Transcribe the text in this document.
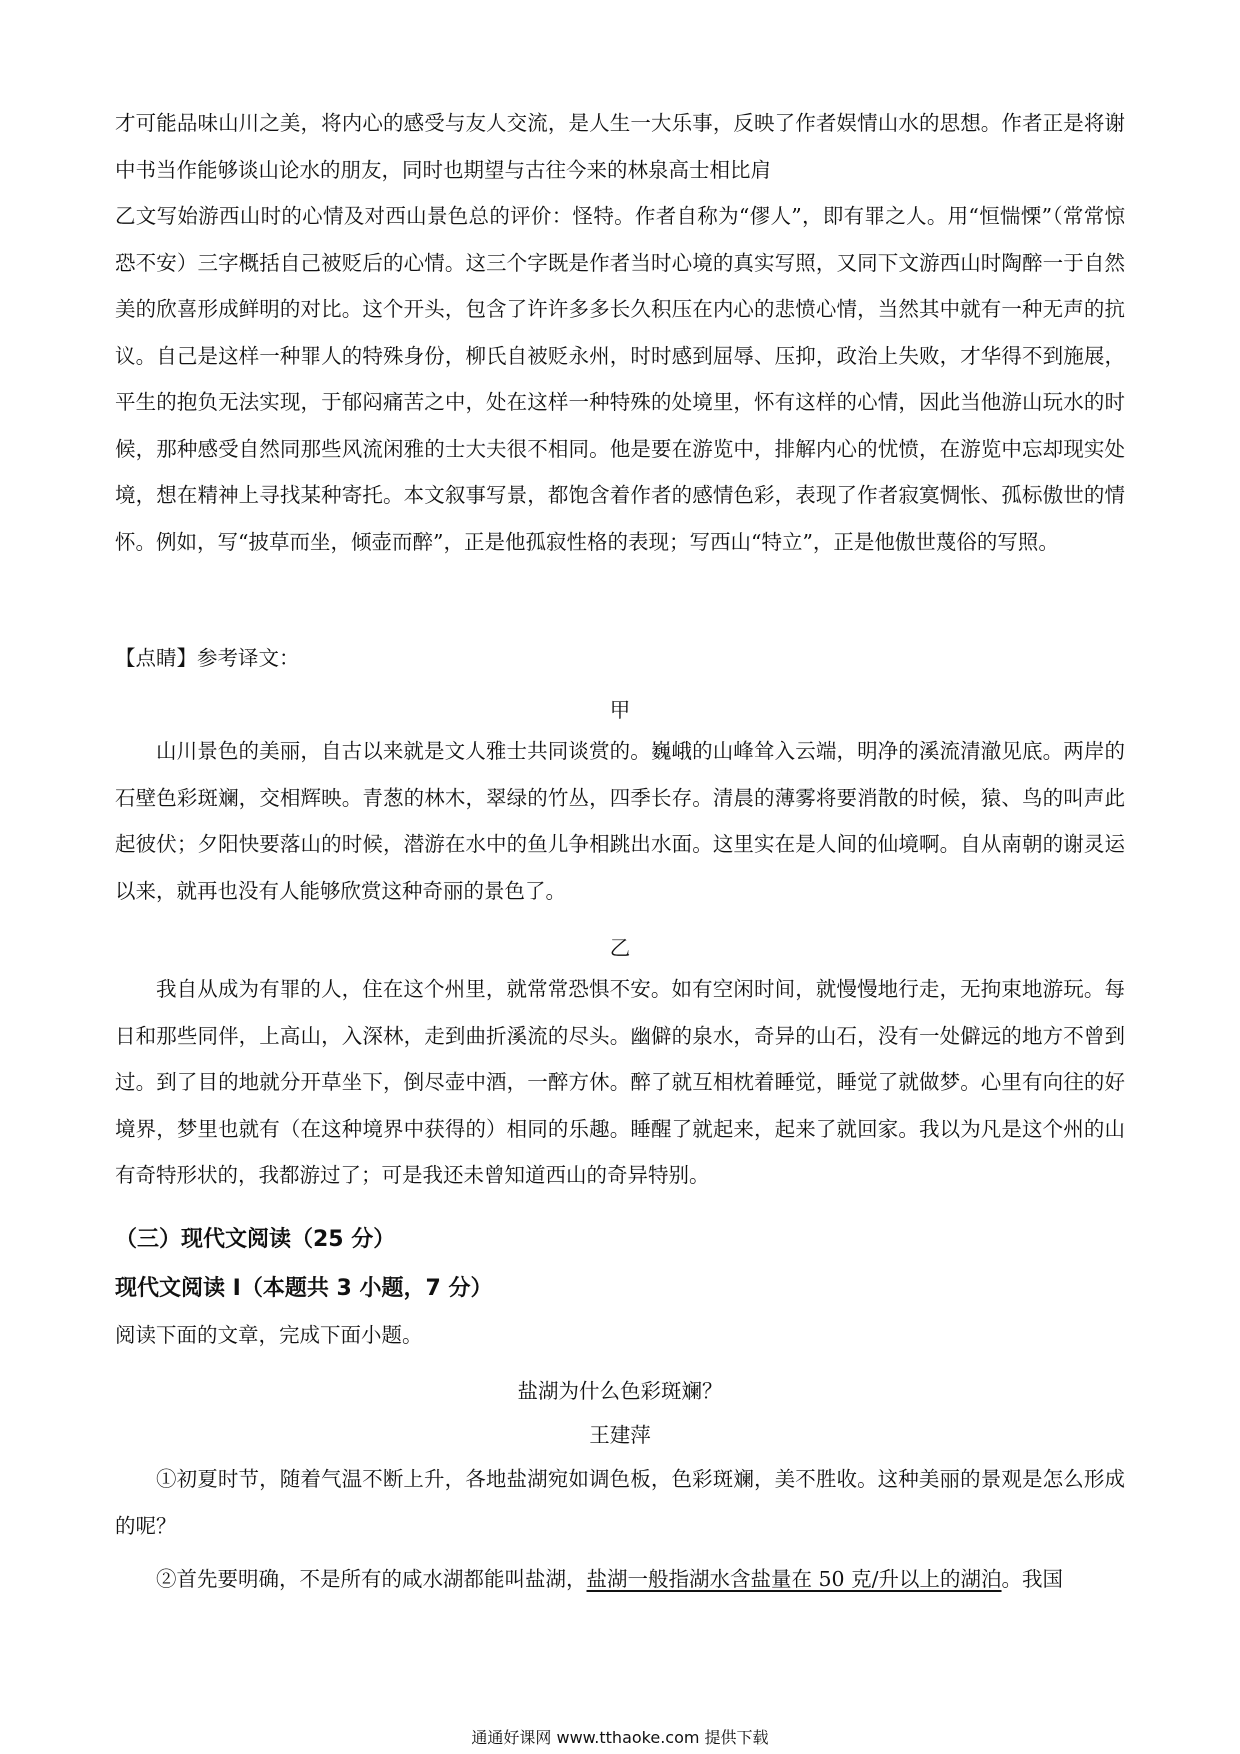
才可能品味山川之美，将内心的感受与友人交流，是人生一大乐事，反映了作者娱情山水的思想。作者正是将谢中书当作能够谈山论水的朋友，同时也期望与古往今来的林泉高士相比肩

乙文写始游西山时的心情及对西山景色总的评价：怪特。作者自称为“僇人”，即有罪之人。用“恒惴慄”（常常惊恐不安）三字概括自己被贬后的心情。这三个字既是作者当时心境的真实写照，又同下文游西山时陶醉一于自然美的欣喜形成鲜明的对比。这个开头，包含了许许多多长久积压在内心的悲愤心情，当然其中就有一种无声的抗议。自己是这样一种罪人的特殊身份，柳氏自被贬永州，时时感到屈辱、压抑，政治上失败，才华得不到施展，平生的抱负无法实现，于郁闷痛苦之中，处在这样一种特殊的处境里，怀有这样的心情，因此当他游山玩水的时候，那种感受自然同那些风流闲雅的士大夫很不相同。他是要在游览中，排解内心的忧愤，在游览中忘却现实处境，想在精神上寻找某种寄托。本文叙事写景，都饱含着作者的感情色彩，表现了作者寂寞惆怅、孤标傲世的情怀。例如，写“披草而坐，倾壶而醉”，正是他孤寂性格的表现；写西山“特立”，正是他傲世蔑俗的写照。

【点睛】参考译文：

甲

山川景色的美丽，自古以来就是文人雅士共同谈赏的。巍峨的山峰耸入云端，明净的溪流清澈见底。两岸的石壁色彩斑斓，交相辉映。青葱的林木，翠绿的竹丛，四季长存。清晨的薄雾将要消散的时候，猿、鸟的叫声此起彼伏；夕阳快要落山的时候，潜游在水中的鱼儿争相跳出水面。这里实在是人间的仙境啊。自从南朝的谢灵运以来，就再也没有人能够欣赏这种奇丽的景色了。

乙

我自从成为有罪的人，住在这个州里，就常常恐惧不安。如有空闲时间，就慢慢地行走，无拘束地游玩。每日和那些同伴，上高山，入深林，走到曲折溪流的尽头。幽僻的泉水，奇异的山石，没有一处僻远的地方不曾到过。到了目的地就分开草坐下，倒尽壶中酒，一醉方休。醉了就互相枕着睡觉，睡觉了就做梦。心里有向往的好境界，梦里也就有（在这种境界中获得的）相同的乐趣。睡醒了就起来，起来了就回家。我以为凡是这个州的山有奇特形状的，我都游过了；可是我还未曾知道西山的奇异特别。

（三）现代文阅读（25 分）

现代文阅读 I（本题共 3 小题，7 分）

阅读下面的文章，完成下面小题。

盐湖为什么色彩斑斓？

王建萍

①初夏时节，随着气温不断上升，各地盐湖宛如调色板，色彩斑斓，美不胜收。这种美丽的景观是怎么形成的呢？

②首先要明确，不是所有的咸水湖都能叫盐湖，盐湖一般指湖水含盐量在 50 克/升以上的湖泊。我国

通通好课网 www.tthaoke.com 提供下载
